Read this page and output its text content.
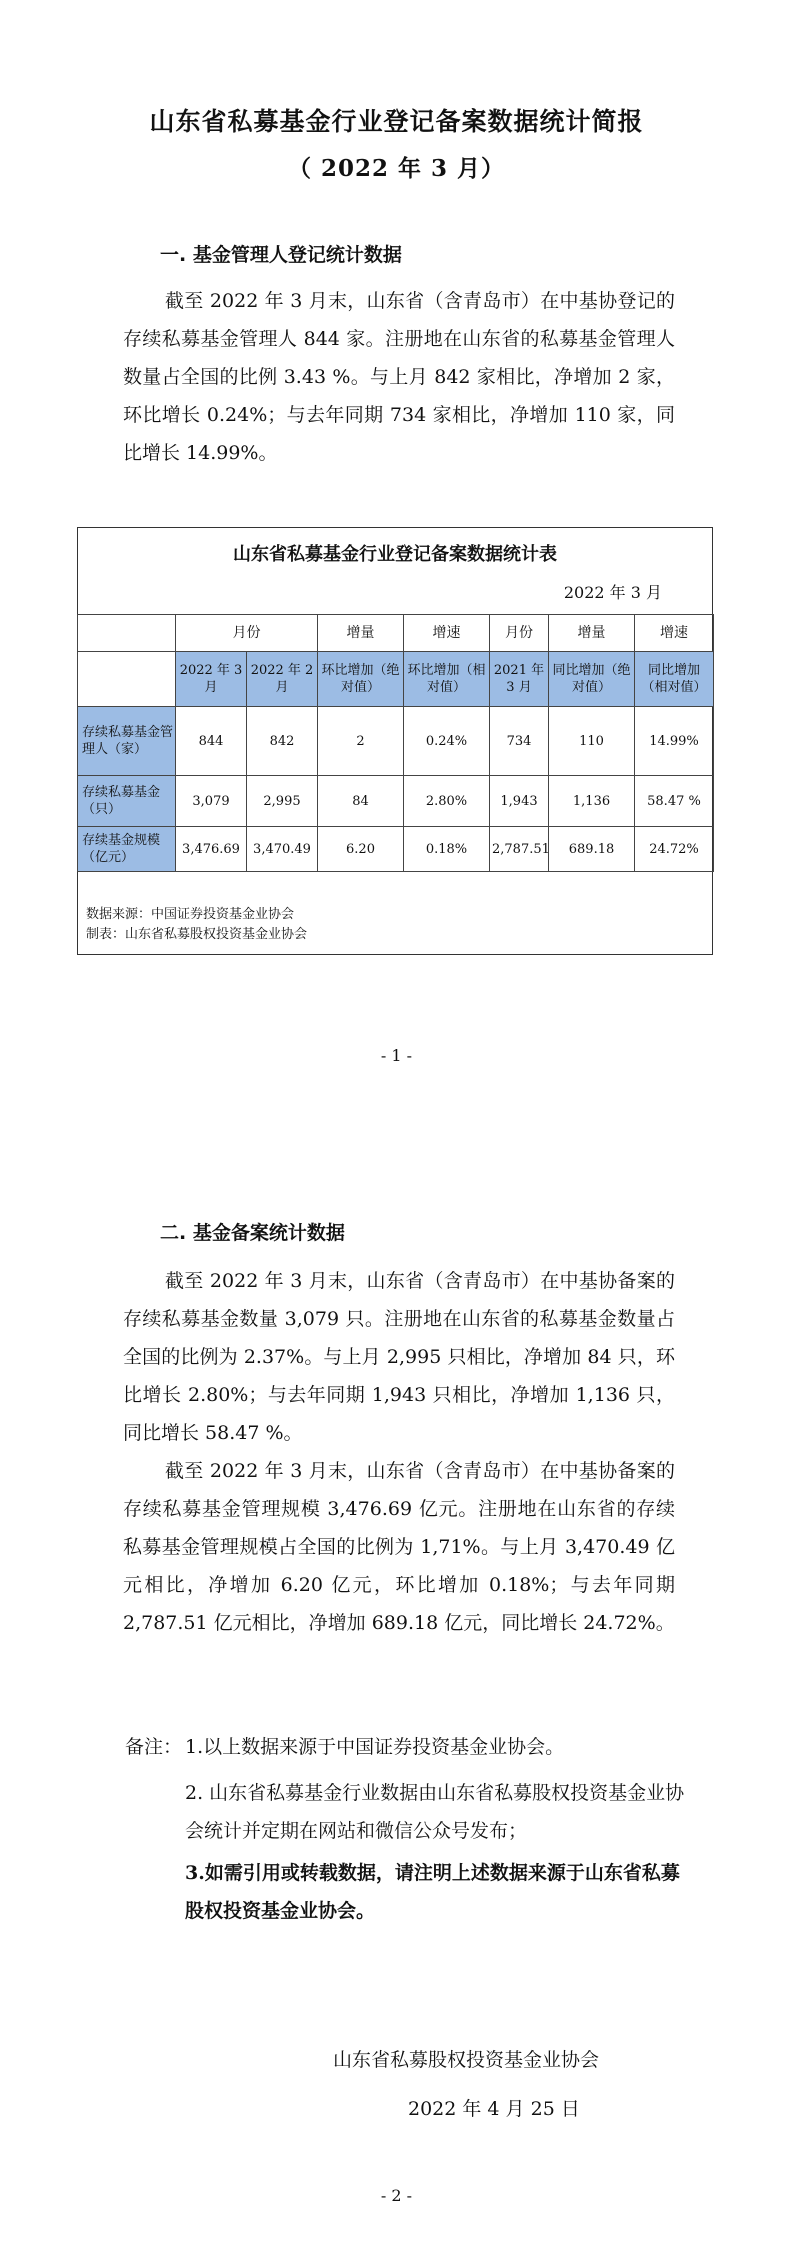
山东省私募基金行业登记备案数据统计简报
（ 2022 年 3 月）
一. 基金管理人登记统计数据
截至 2022 年 3 月末，山东省（含青岛市）在中基协登记的存续私募基金管理人 844 家。注册地在山东省的私募基金管理人数量占全国的比例 3.43 %。与上月 842 家相比，净增加 2 家，环比增长 0.24%；与去年同期 734 家相比，净增加 110 家，同比增长 14.99%。
山东省私募基金行业登记备案数据统计表
2022 年 3 月
	月份		增量	增速	月份	增量	增速
	2022 年 3 月	2022 年 2 月	环比增加（绝对值）	环比增加（相对值）	2021 年 3 月	同比增加（绝对值）	同比增加（相对值）
存续私募基金管理人（家）	844	842	2	0.24%	734	110	14.99%
存续私募基金（只）	3,079	2,995	84	2.80%	1,943	1,136	58.47 %
存续基金规模（亿元）	3,476.69	3,470.49	6.20	0.18%	2,787.51	689.18	24.72%
数据来源：中国证券投资基金业协会
制表：山东省私募股权投资基金业协会
- 1 -
二. 基金备案统计数据
截至 2022 年 3 月末，山东省（含青岛市）在中基协备案的存续私募基金数量 3,079 只。注册地在山东省的私募基金数量占全国的比例为 2.37%。与上月 2,995 只相比，净增加 84 只，环比增长 2.80%；与去年同期 1,943 只相比，净增加 1,136 只，同比增长 58.47 %。
截至 2022 年 3 月末，山东省（含青岛市）在中基协备案的存续私募基金管理规模 3,476.69 亿元。注册地在山东省的存续私募基金管理规模占全国的比例为 1,71%。与上月 3,470.49 亿元相比，净增加 6.20 亿元，环比增加 0.18%；与去年同期 2,787.51 亿元相比，净增加 689.18 亿元，同比增长 24.72%。
备注： 1.以上数据来源于中国证券投资基金业协会。
2. 山东省私募基金行业数据由山东省私募股权投资基金业协会统计并定期在网站和微信公众号发布；
3.如需引用或转载数据，请注明上述数据来源于山东省私募股权投资基金业协会。
山东省私募股权投资基金业协会
2022 年 4 月 25 日
- 2 -
